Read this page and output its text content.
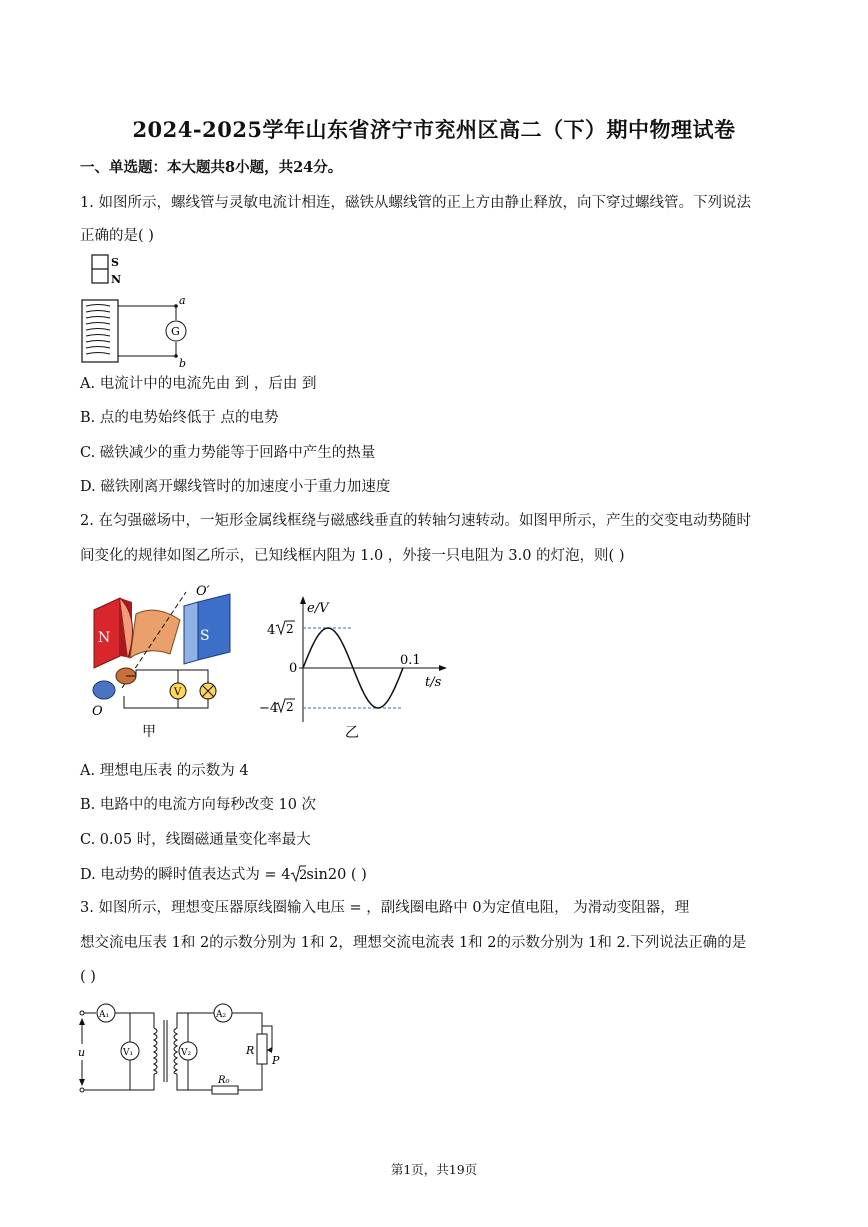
2024-2025学年山东省济宁市兖州区高二（下）期中物理试卷
一、单选题：本大题共8小题，共24分。
1. 如图所示，螺线管与灵敏电流计相连，磁铁从螺线管的正上方由静止释放，向下穿过螺线管。下列说法
正确的是( )
S
N
G
a
b
A. 电流计中的电流先由 到 ，后由 到
B. 点的电势始终低于 点的电势
C. 磁铁减少的重力势能等于回路中产生的热量
D. 磁铁刚离开螺线管时的加速度小于重力加速度
2. 在匀强磁场中，一矩形金属线框绕与磁感线垂直的转轴匀速转动。如图甲所示，产生的交变电动势随时
间变化的规律如图乙所示，已知线框内阻为 1.0 ，外接一只电阻为 3.0 的灯泡，则( )
N	S
O′
O
V
甲
e/V
t/s
0
0.1
4 2
−4 2
乙
A. 理想电压表 的示数为 4
B. 电路中的电流方向每秒改变 10 次
C. 0.05 时，线圈磁通量变化率最大
D. 电动势的瞬时值表达式为 = 4 2
sin20 ( )
3. 如图所示，理想变压器原线圈输入电压 = ，副线圈电路中 0为定值电阻， 为滑动变阻器，理
想交流电压表 1和 2的示数分别为 1和 2，理想交流电流表 1和 2的示数分别为 1和 2.下列说法正确的是
( )
u
A₁
V₁	V₂
A₂
R
P
R₀
第1页，共19页
